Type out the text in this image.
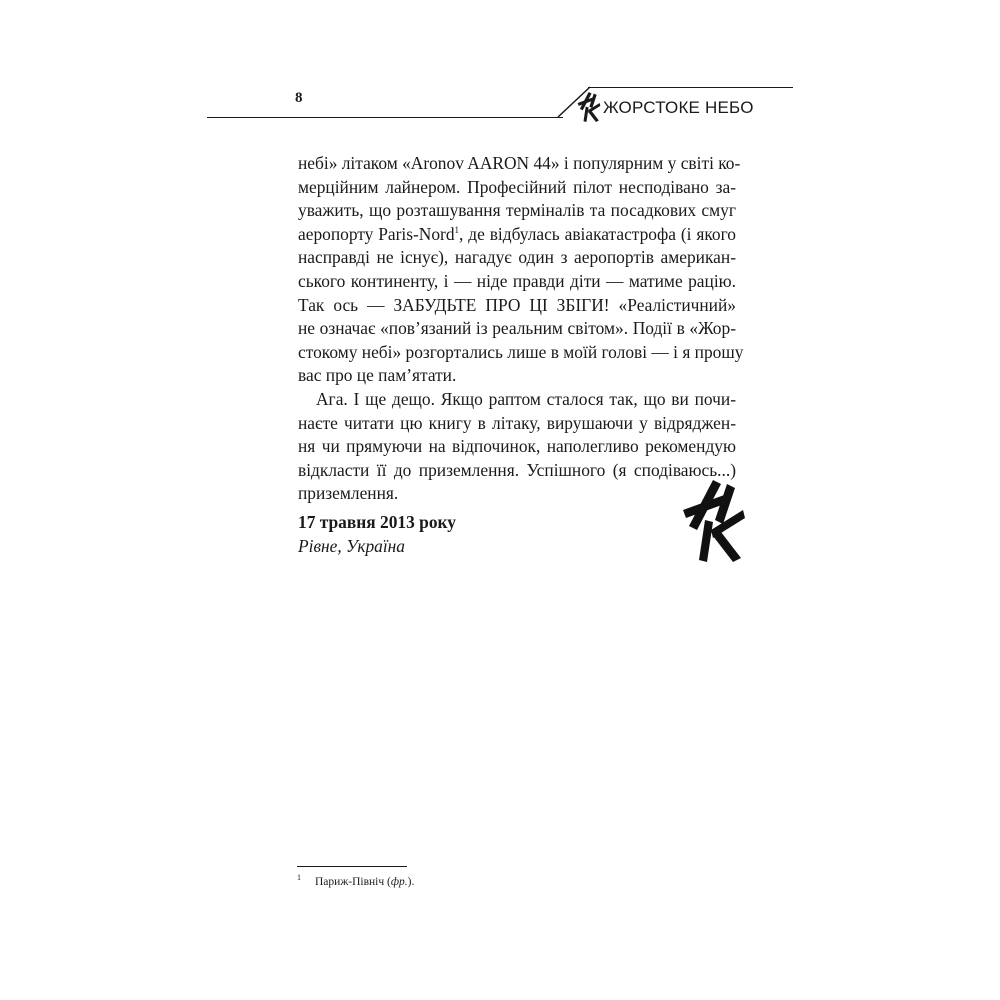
8	ЖОРСТОКЕ НЕБО
небі» літаком «Aronov AARON 44» і популярним у світі ко-
мерційним лайнером. Професійний пілот несподівано за-
уважить, що розташування терміналів та посадкових смуг
аеропорту Paris-Nord$^1$, де відбулась авіакатастрофа (і якого
насправді не існує), нагадує один з аеропортів американ-
ського континенту, і — ніде правди діти — матиме рацію.
Так ось — ЗАБУДЬТЕ ПРО ЦІ ЗБІГИ! «Реалістичний»
не означає «пов’язаний із реальним світом». Події в «Жор-
стокому небі» розгортались лише в моїй голові — і я прошу
вас про це пам’ятати.
Ага. І ще дещо. Якщо раптом сталося так, що ви почи-
наєте читати цю книгу в літаку, вирушаючи у відряджен-
ня чи прямуючи на відпочинок, наполегливо рекомендую
відкласти її до приземлення. Успішного (я сподіваюсь...)
приземлення.
17 травня 2013 року
Рівне, Україна
$^1$ Париж-Північ (фр.).
